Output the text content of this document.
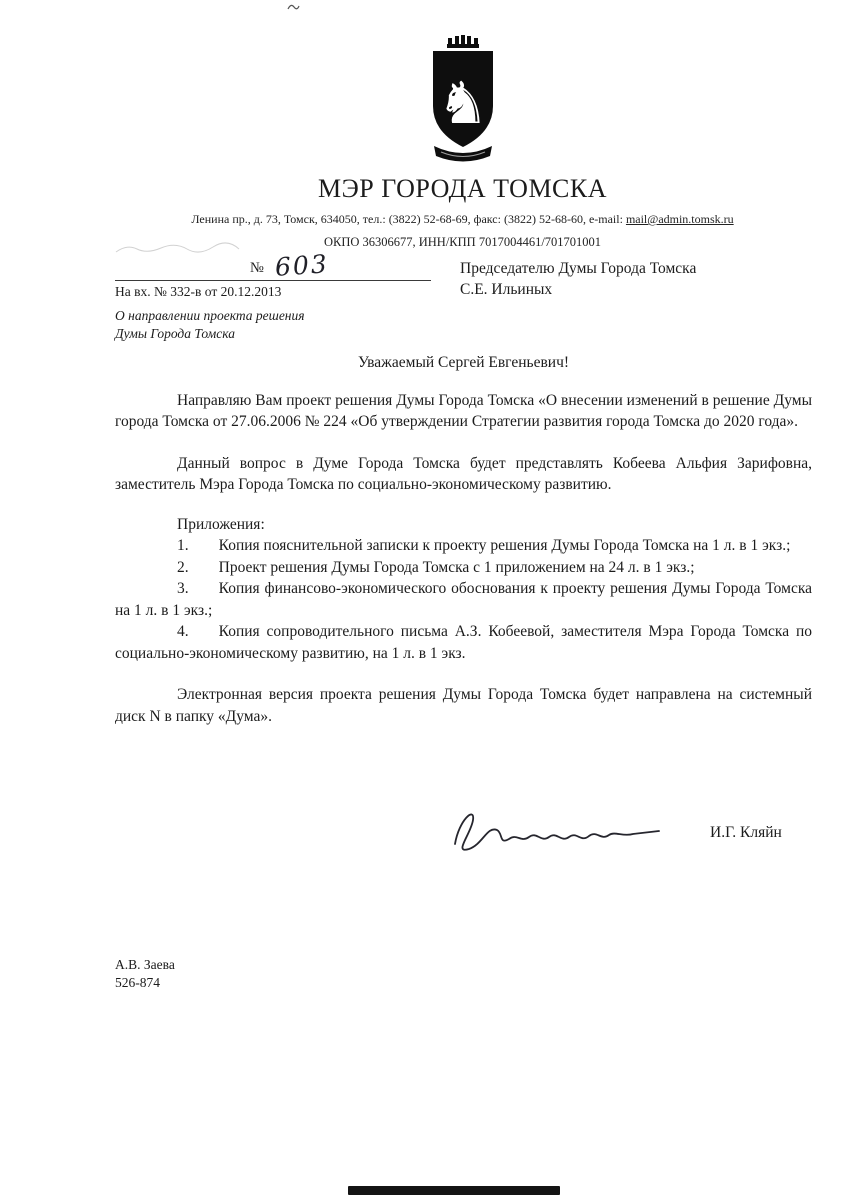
♞
МЭР ГОРОДА ТОМСКА
Ленина пр., д. 73, Томск, 634050, тел.: (3822) 52-68-69, факс: (3822) 52-68-60, e-mail: mail@admin.tomsk.ru
ОКПО 36306677, ИНН/КПП 7017004461/701701001
№ 603
На вх. № 332-в от 20.12.2013
О направлении проекта решения
Думы Города Томска
Председателю Думы Города Томска
С.Е. Ильиных
Уважаемый Сергей Евгеньевич!

Направляю Вам проект решения Думы Города Томска «О внесении изменений в решение Думы города Томска от 27.06.2006 № 224 «Об утверждении Стратегии развития города Томска до 2020 года».

Данный вопрос в Думе Города Томска будет представлять Кобеева Альфия Зарифовна, заместитель Мэра Города Томска по социально-экономическому развитию.

Приложения:

1. Копия пояснительной записки к проекту решения Думы Города Томска на 1 л. в 1 экз.;

2. Проект решения Думы Города Томска с 1 приложением на 24 л. в 1 экз.;

3. Копия финансово-экономического обоснования к проекту решения Думы Города Томска на 1 л. в 1 экз.;

4. Копия сопроводительного письма А.З. Кобеевой, заместителя Мэра Города Томска по социально-экономическому развитию, на 1 л. в 1 экз.

Электронная версия проекта решения Думы Города Томска будет направлена на системный диск N в папку «Дума».

И.Г. Кляйн
А.В. Заева
526-874
